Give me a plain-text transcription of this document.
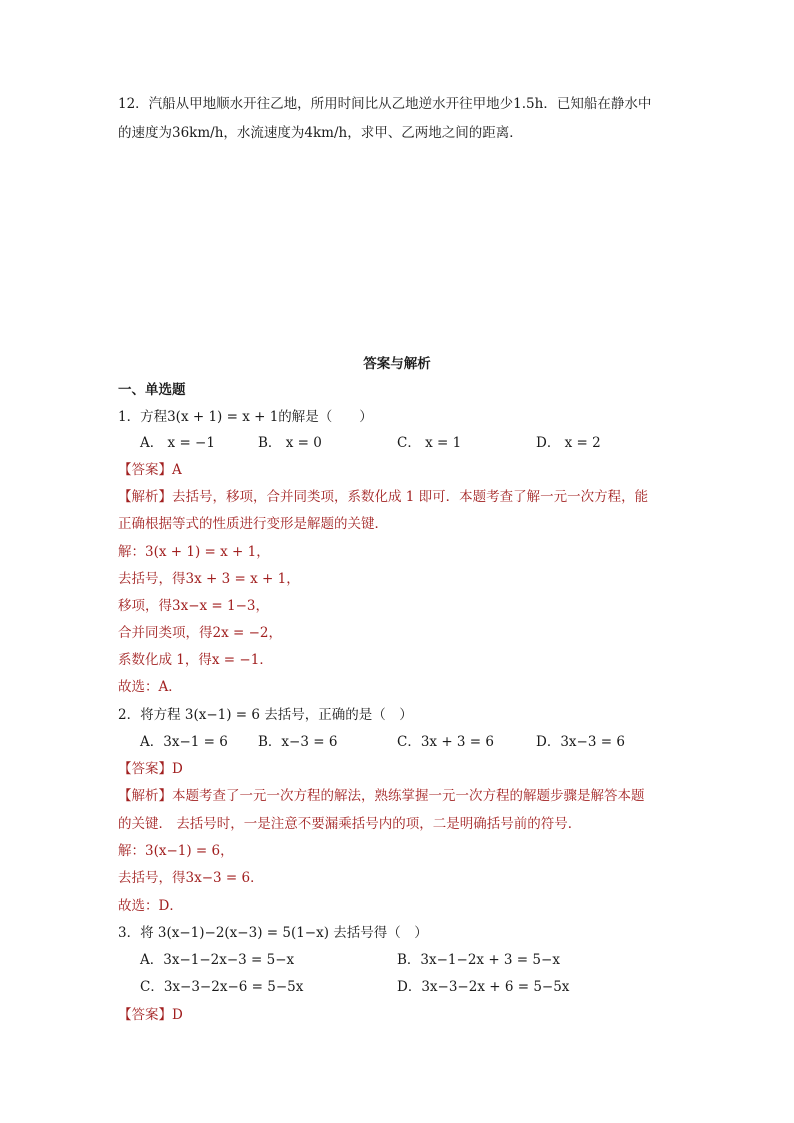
12．汽船从甲地顺水开往乙地，所用时间比从乙地逆水开往甲地少1.5h．已知船在静水中
的速度为36km/h，水流速度为4km/h，求甲、乙两地之间的距离．
答案与解析
一、单选题
1．方程3(x + 1) = x + 1的解是（　　）
A． x = −1	B． x = 0	C． x = 1	D． x = 2
【答案】A
【解析】去括号，移项，合并同类项，系数化成 1 即可．本题考查了解一元一次方程，能
正确根据等式的性质进行变形是解题的关键．
解：3(x + 1) = x + 1，
去括号，得3x + 3 = x + 1，
移项，得3x−x = 1−3，
合并同类项，得2x = −2，
系数化成 1，得x = −1．
故选：A．
2．将方程 3(x−1) = 6 去括号，正确的是（　）
A．3x−1 = 6 B．x−3 = 6	C．3x + 3 = 6	D．3x−3 = 6
【答案】D
【解析】本题考查了一元一次方程的解法，熟练掌握一元一次方程的解题步骤是解答本题
的关键． 去括号时，一是注意不要漏乘括号内的项，二是明确括号前的符号．
解：3(x−1) = 6，
去括号，得3x−3 = 6．
故选：D．
3．将 3(x−1)−2(x−3) = 5(1−x) 去括号得（　）
A．3x−1−2x−3 = 5−x	B．3x−1−2x + 3 = 5−x
C．3x−3−2x−6 = 5−5x	D．3x−3−2x + 6 = 5−5x
【答案】D
